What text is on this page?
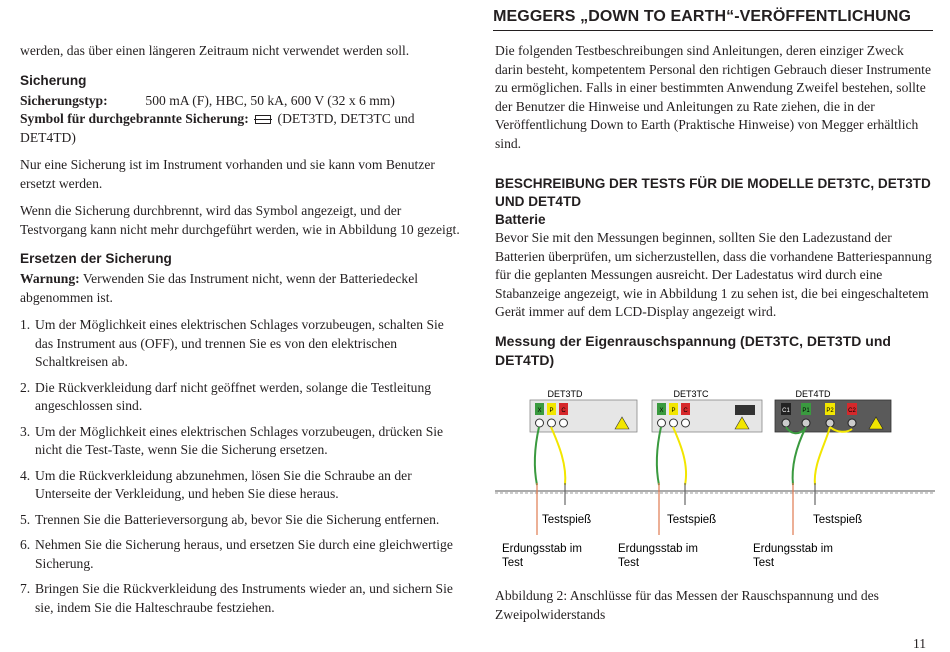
MEGGERS „DOWN TO EARTH“-VERÖFFENTLICHUNG

werden, das über einen längeren Zeitraum nicht verwendet werden soll.

Sicherung
Sicherungstyp:	500 mA (F), HBC, 50 kA, 600 V (32 x 6 mm)

Symbol für durchgebrannte Sicherung: (DET3TD, DET3TC und DET4TD)

Nur eine Sicherung ist im Instrument vorhanden und sie kann vom Benutzer ersetzt werden.

Wenn die Sicherung durchbrennt, wird das Symbol angezeigt, und der Testvorgang kann nicht mehr durchgeführt werden, wie in Abbildung 10 gezeigt.

Ersetzen der Sicherung

Warnung: Verwenden Sie das Instrument nicht, wenn der Batteriedeckel abgenommen ist.

1. Um der Möglichkeit eines elektrischen Schlages vorzubeugen, schalten Sie das Instrument aus (OFF), und trennen Sie es von den elektrischen Schaltkreisen ab.
2. Die Rückverkleidung darf nicht geöffnet werden, solange die Testleitung angeschlossen sind.
3. Um der Möglichkeit eines elektrischen Schlages vorzubeugen, drücken Sie nicht die Test-Taste, wenn Sie die Sicherung ersetzen.
4. Um die Rückverkleidung abzunehmen, lösen Sie die Schraube an der Unterseite der Verkleidung, und heben Sie diese heraus.
5. Trennen Sie die Batterieversorgung ab, bevor Sie die Sicherung entfernen.
6. Nehmen Sie die Sicherung heraus, und ersetzen Sie durch eine gleichwertige Sicherung.
7. Bringen Sie die Rückverkleidung des Instruments wieder an, und sichern Sie sie, indem Sie die Halteschraube festziehen.

Die folgenden Testbeschreibungen sind Anleitungen, deren einziger Zweck darin besteht, kompetentem Personal den richtigen Gebrauch dieser Instrumente zu ermöglichen. Falls in einer bestimmten Anwendung Zweifel bestehen, sollte der Benutzer die Hinweise und Anleitungen zu Rate ziehen, die in der Veröffentlichung Down to Earth (Praktische Hinweise) von Megger erhältlich sind.

BESCHREIBUNG DER TESTS FÜR DIE MODELLE DET3TC, DET3TD UND DET4TD
Batterie

Bevor Sie mit den Messungen beginnen, sollten Sie den Ladezustand der Batterien überprüfen, um sicherzustellen, dass die vorhandene Batteriespannung für die geplanten Messungen ausreicht. Der Ladestatus wird durch eine Stabanzeige angezeigt, wie in Abbildung 1 zu sehen ist, die bei eingeschaltetem Gerät immer auf dem LCD-Display angezeigt wird.

Messung der Eigenrauschspannung (DET3TC, DET3TD und DET4TD)
DET3TD
X P C
DET3TC
X P C
DET4TD
C1 P1	P2 C2
Testspieß	Testspieß	Testspieß
Erdungsstab im
Test
Erdungsstab im
Test
Erdungsstab im
Test
Abbildung 2: Anschlüsse für das Messen der Rauschspannung und des Zweipolwiderstands
11
